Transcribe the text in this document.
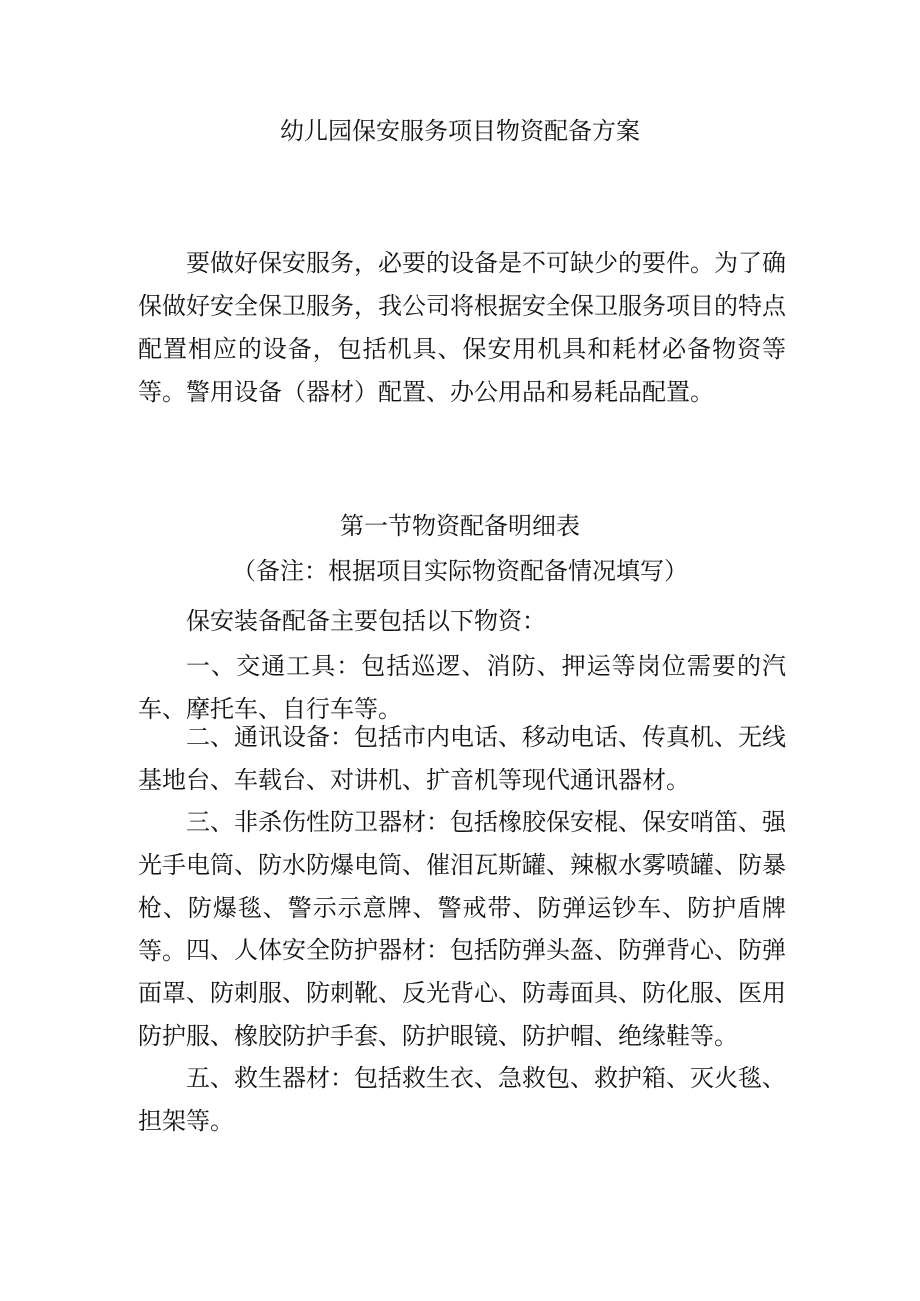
幼儿园保安服务项目物资配备方案

要做好保安服务，必要的设备是不可缺少的要件。为了确保做好安全保卫服务，我公司将根据安全保卫服务项目的特点配置相应的设备，包括机具、保安用机具和耗材必备物资等等。警用设备（器材）配置、办公用品和易耗品配置。

第一节物资配备明细表
（备注：根据项目实际物资配备情况填写）

保安装备配备主要包括以下物资：

一、交通工具：包括巡逻、消防、押运等岗位需要的汽车、摩托车、自行车等。

二、通讯设备：包括市内电话、移动电话、传真机、无线基地台、车载台、对讲机、扩音机等现代通讯器材。

三、非杀伤性防卫器材：包括橡胶保安棍、保安哨笛、强光手电筒、防水防爆电筒、催泪瓦斯罐、辣椒水雾喷罐、防暴枪、防爆毯、警示示意牌、警戒带、防弹运钞车、防护盾牌等。 四、人体安全防护器材：包括防弹头盔、防弹背心、防弹面罩、防刺服、防刺靴、反光背心、防毒面具、防化服、医用防护服、橡胶防护手套、防护眼镜、防护帽、绝缘鞋等。

五、救生器材：包括救生衣、急救包、救护箱、灭火毯、担架等。
